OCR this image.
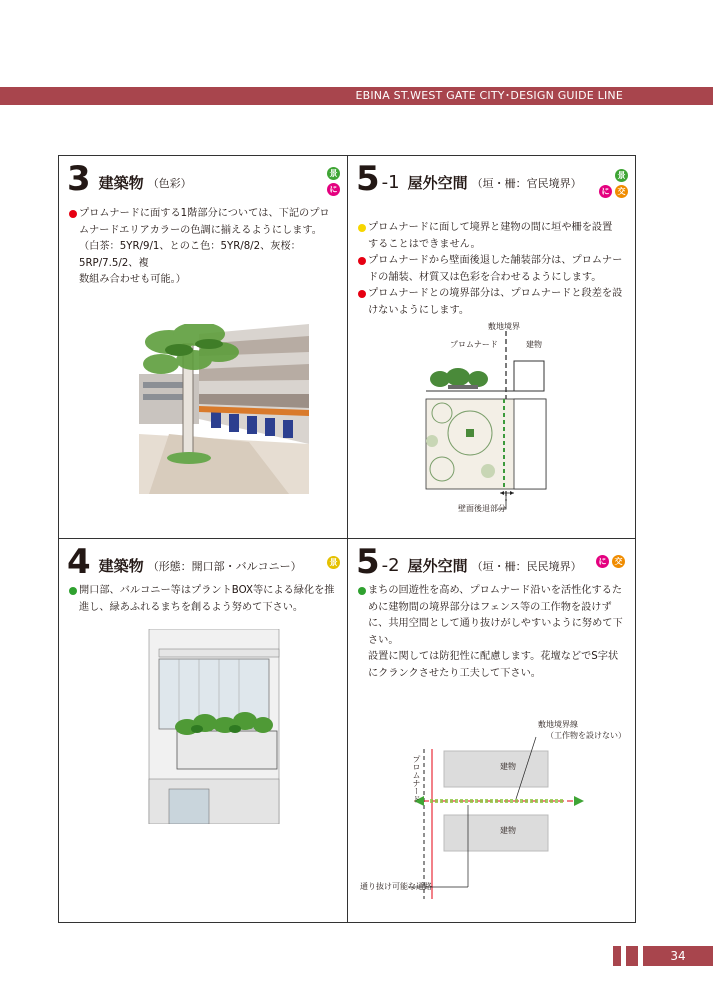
EBINA ST.WEST GATE CITY･DESIGN GUIDE LINE
3 建築物 （色彩）
景
に
プロムナードに面する1階部分については、下記のプロ
ムナードエリアカラーの色調に揃えるようにします。
（白茶：5YR/9/1、とのこ色：5YR/8/2、灰桜：5RP/7.5/2、複
数組み合わせも可能。）
5 -1 屋外空間 （垣・柵：官民境界）
景
に	交
プロムナードに面して境界と建物の間に垣や柵を設置
することはできません。
プロムナードから壁面後退した舗装部分は、プロムナー
ドの舗装、材質又は色彩を合わせるようにします。
プロムナードとの境界部分は、プロムナードと段差を設
けないようにします。
敷地境界
プロムナード	建物
壁面後退部分
4 建築物 （形態：開口部・バルコニー）	景
開口部、バルコニー等はプラントBOX等による緑化を推
進し、緑あふれるまちを創るよう努めて下さい。
5 -2 屋外空間 （垣・柵：民民境界）	に	交
まちの回遊性を高め、プロムナード沿いを活性化するた
めに建物間の境界部分はフェンス等の工作物を設けず
に、共用空間として通り抜けがしやすいように努めて下
さい。
設置に関しては防犯性に配慮します。花壇などでS字状
にクランクさせたり工夫して下さい。
敷地境界線
（工作物を設けない）
建物
建物
プロムナード
通り抜け可能な通路
34
